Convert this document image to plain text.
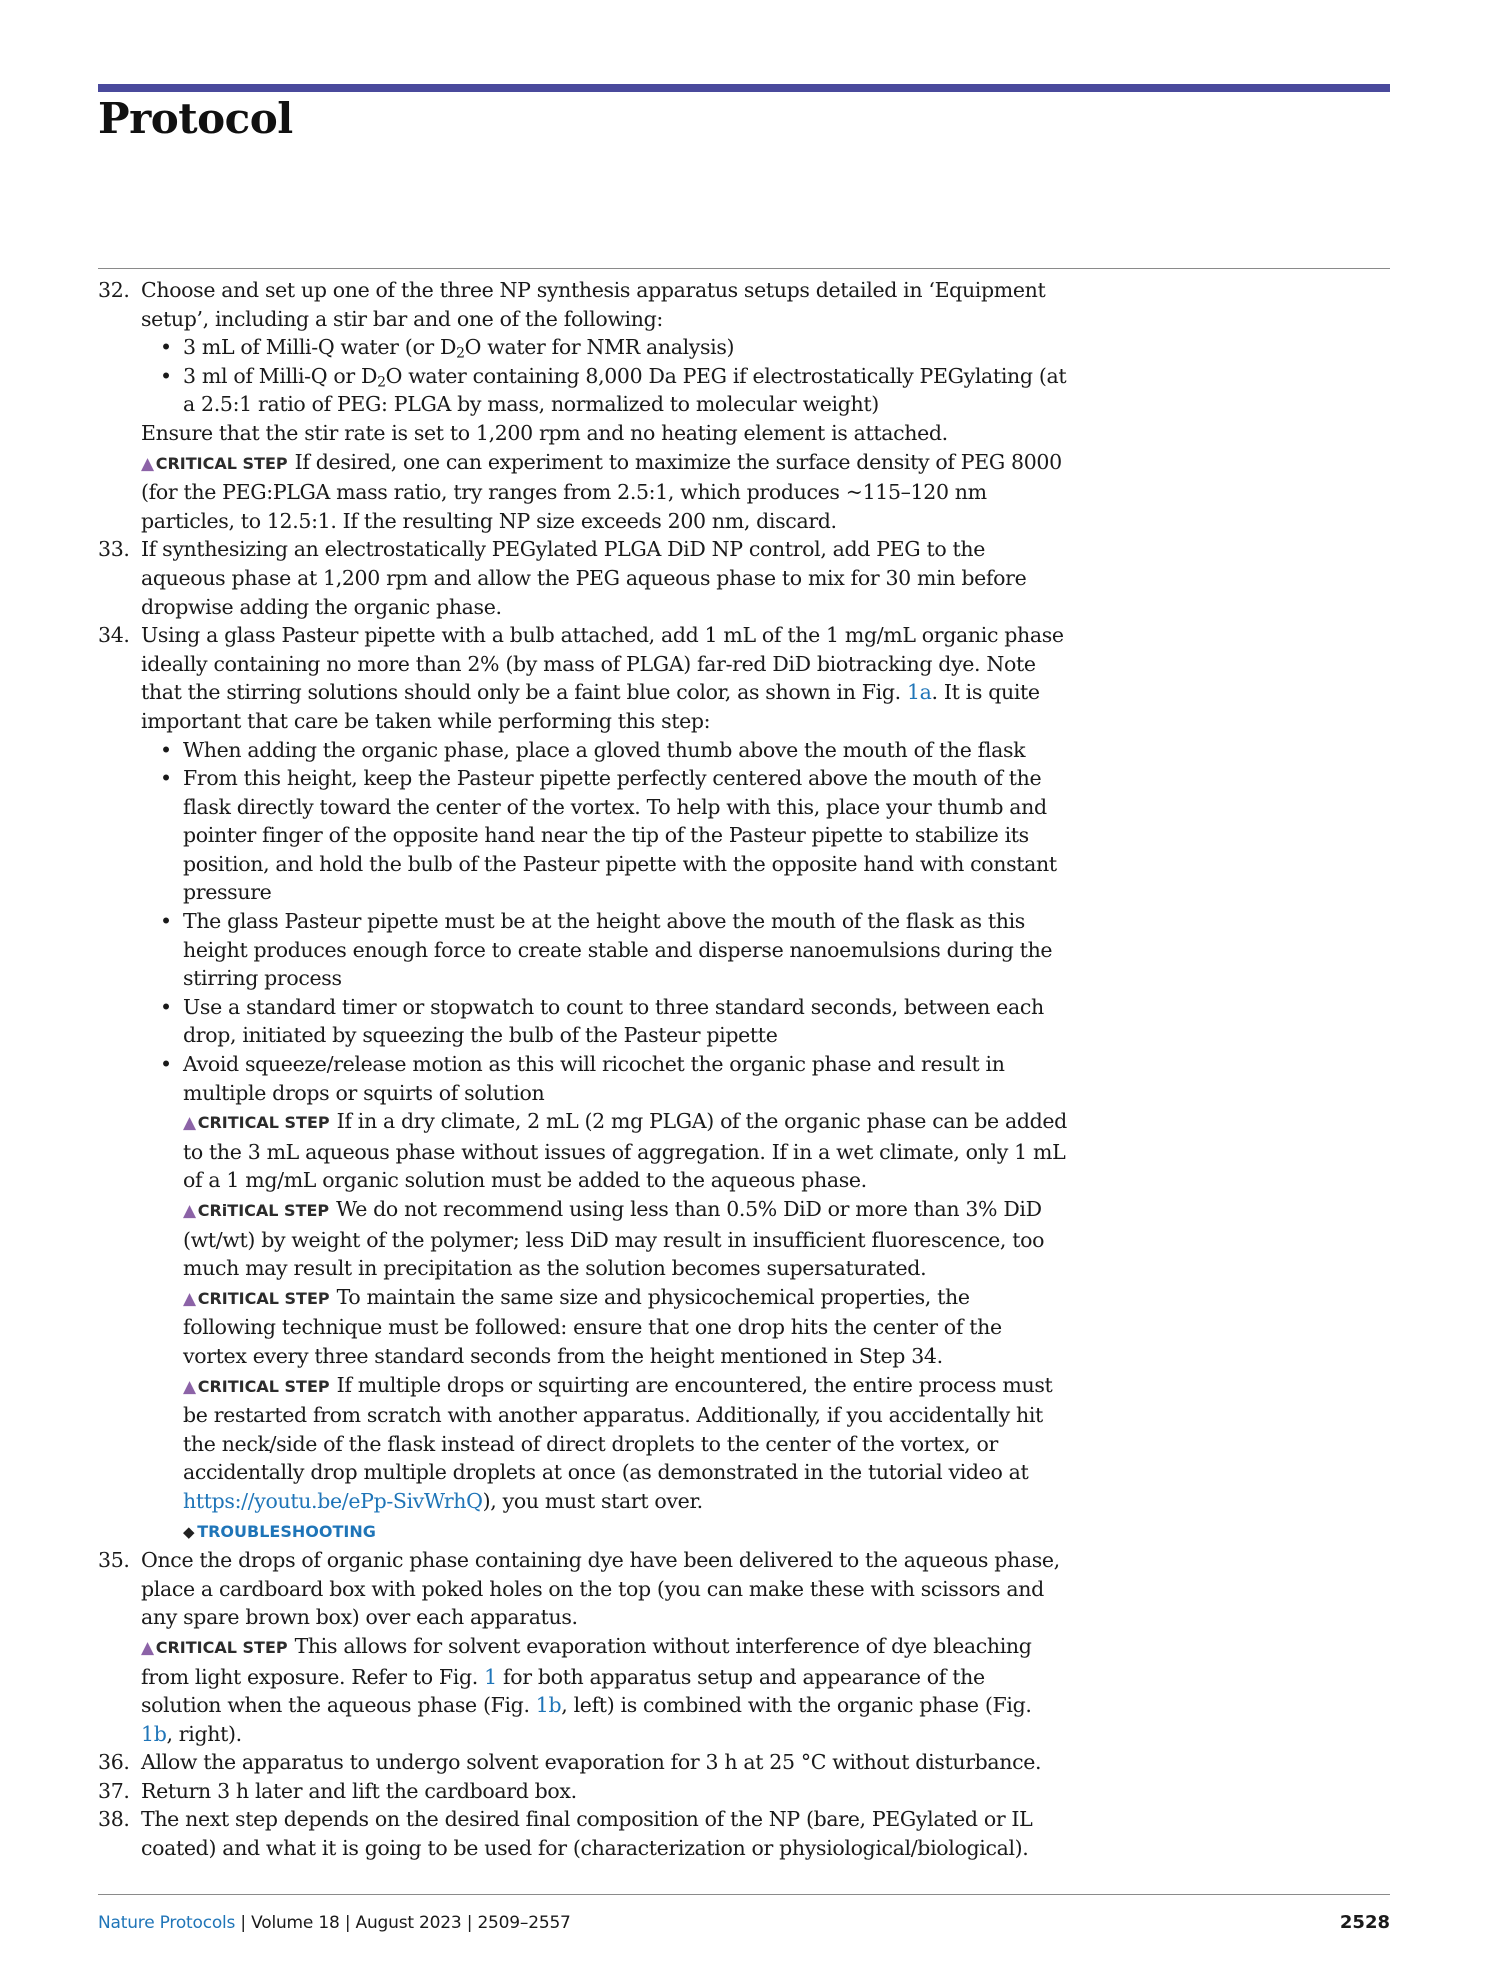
Protocol
32. Choose and set up one of the three NP synthesis apparatus setups detailed in ‘Equipment setup’, including a stir bar and one of the following:

• 3 mL of Milli-Q water (or $D_2O$ water for NMR analysis)
• 3 ml of Milli-Q or $D_2O$ water containing 8,000 Da PEG if electrostatically PEGylating (at a 2.5:1 ratio of PEG: PLGA by mass, normalized to molecular weight)

Ensure that the stir rate is set to 1,200 rpm and no heating element is attached.

▲ CRITICAL STEP If desired, one can experiment to maximize the surface density of PEG 8000 (for the PEG:PLGA mass ratio, try ranges from 2.5:1, which produces ~115–120 nm particles, to 12.5:1. If the resulting NP size exceeds 200 nm, discard.

33. If synthesizing an electrostatically PEGylated PLGA DiD NP control, add PEG to the aqueous phase at 1,200 rpm and allow the PEG aqueous phase to mix for 30 min before dropwise adding the organic phase.

34. Using a glass Pasteur pipette with a bulb attached, add 1 mL of the 1 mg/mL organic phase ideally containing no more than 2% (by mass of PLGA) far-red DiD biotracking dye. Note that the stirring solutions should only be a faint blue color, as shown in Fig. 1a. It is quite important that care be taken while performing this step:

• When adding the organic phase, place a gloved thumb above the mouth of the flask
• From this height, keep the Pasteur pipette perfectly centered above the mouth of the flask directly toward the center of the vortex. To help with this, place your thumb and pointer finger of the opposite hand near the tip of the Pasteur pipette to stabilize its position, and hold the bulb of the Pasteur pipette with the opposite hand with constant pressure
• The glass Pasteur pipette must be at the height above the mouth of the flask as this height produces enough force to create stable and disperse nanoemulsions during the stirring process
• Use a standard timer or stopwatch to count to three standard seconds, between each drop, initiated by squeezing the bulb of the Pasteur pipette
• Avoid squeeze/release motion as this will ricochet the organic phase and result in multiple drops or squirts of solution

▲ CRITICAL STEP If in a dry climate, 2 mL (2 mg PLGA) of the organic phase can be added to the 3 mL aqueous phase without issues of aggregation. If in a wet climate, only 1 mL of a 1 mg/mL organic solution must be added to the aqueous phase.

▲ CRiTICAL STEP We do not recommend using less than 0.5% DiD or more than 3% DiD (wt/wt) by weight of the polymer; less DiD may result in insufficient fluorescence, too much may result in precipitation as the solution becomes supersaturated.

▲ CRITICAL STEP To maintain the same size and physicochemical properties, the following technique must be followed: ensure that one drop hits the center of the vortex every three standard seconds from the height mentioned in Step 34.

▲ CRITICAL STEP If multiple drops or squirting are encountered, the entire process must be restarted from scratch with another apparatus. Additionally, if you accidentally hit the neck/side of the flask instead of direct droplets to the center of the vortex, or accidentally drop multiple droplets at once (as demonstrated in the tutorial video at https://youtu.be/ePp-SivWrhQ), you must start over.

◆ TROUBLESHOOTING

35. Once the drops of organic phase containing dye have been delivered to the aqueous phase, place a cardboard box with poked holes on the top (you can make these with scissors and any spare brown box) over each apparatus.

▲ CRITICAL STEP This allows for solvent evaporation without interference of dye bleaching from light exposure. Refer to Fig. 1 for both apparatus setup and appearance of the solution when the aqueous phase (Fig. 1b, left) is combined with the organic phase (Fig. 1b, right).

36. Allow the apparatus to undergo solvent evaporation for 3 h at 25 °C without disturbance.

37. Return 3 h later and lift the cardboard box.

38. The next step depends on the desired final composition of the NP (bare, PEGylated or IL coated) and what it is going to be used for (characterization or physiological/biological).

Nature Protocols | Volume 18 | August 2023 | 2509–2557	2528
